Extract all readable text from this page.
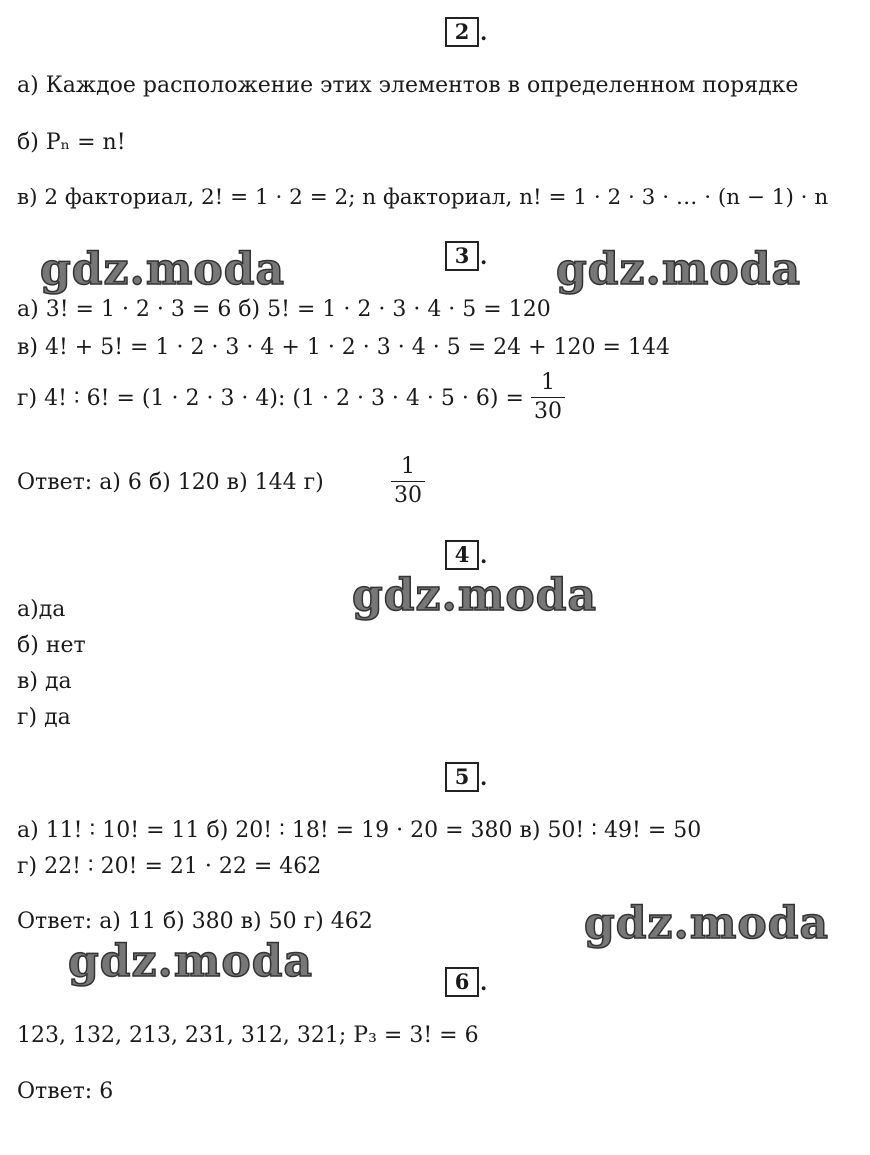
2 .
а) Каждое расположение этих элементов в определенном порядке
б) Pₙ = n!
в) 2 факториал, 2! = 1 · 2 = 2; n факториал, n! = 1 · 2 · 3 · … · (n − 1) · n
3 .
а) 3! = 1 · 2 · 3 = 6 б) 5! = 1 · 2 · 3 · 4 · 5 = 120
в) 4! + 5! = 1 · 2 · 3 · 4 + 1 · 2 · 3 · 4 · 5 = 24 + 120 = 144
г) 4! ∶ 6! = (1 · 2 · 3 · 4): (1 · 2 · 3 · 4 · 5 · 6) =
1
30
Ответ: а) 6 б) 120 в) 144 г)
1
30
4 .
а)да
б) нет
в) да
г) да
5 .
а) 11! ∶ 10! = 11 б) 20! ∶ 18! = 19 · 20 = 380 в) 50! ∶ 49! = 50
г) 22! ∶ 20! = 21 · 22 = 462
Ответ: а) 11 б) 380 в) 50 г) 462
6 .
123, 132, 213, 231, 312, 321; P₃ = 3! = 6
Ответ: 6
gdz.moda	gdz.moda
gdz.moda
gdz.moda
gdz.moda
